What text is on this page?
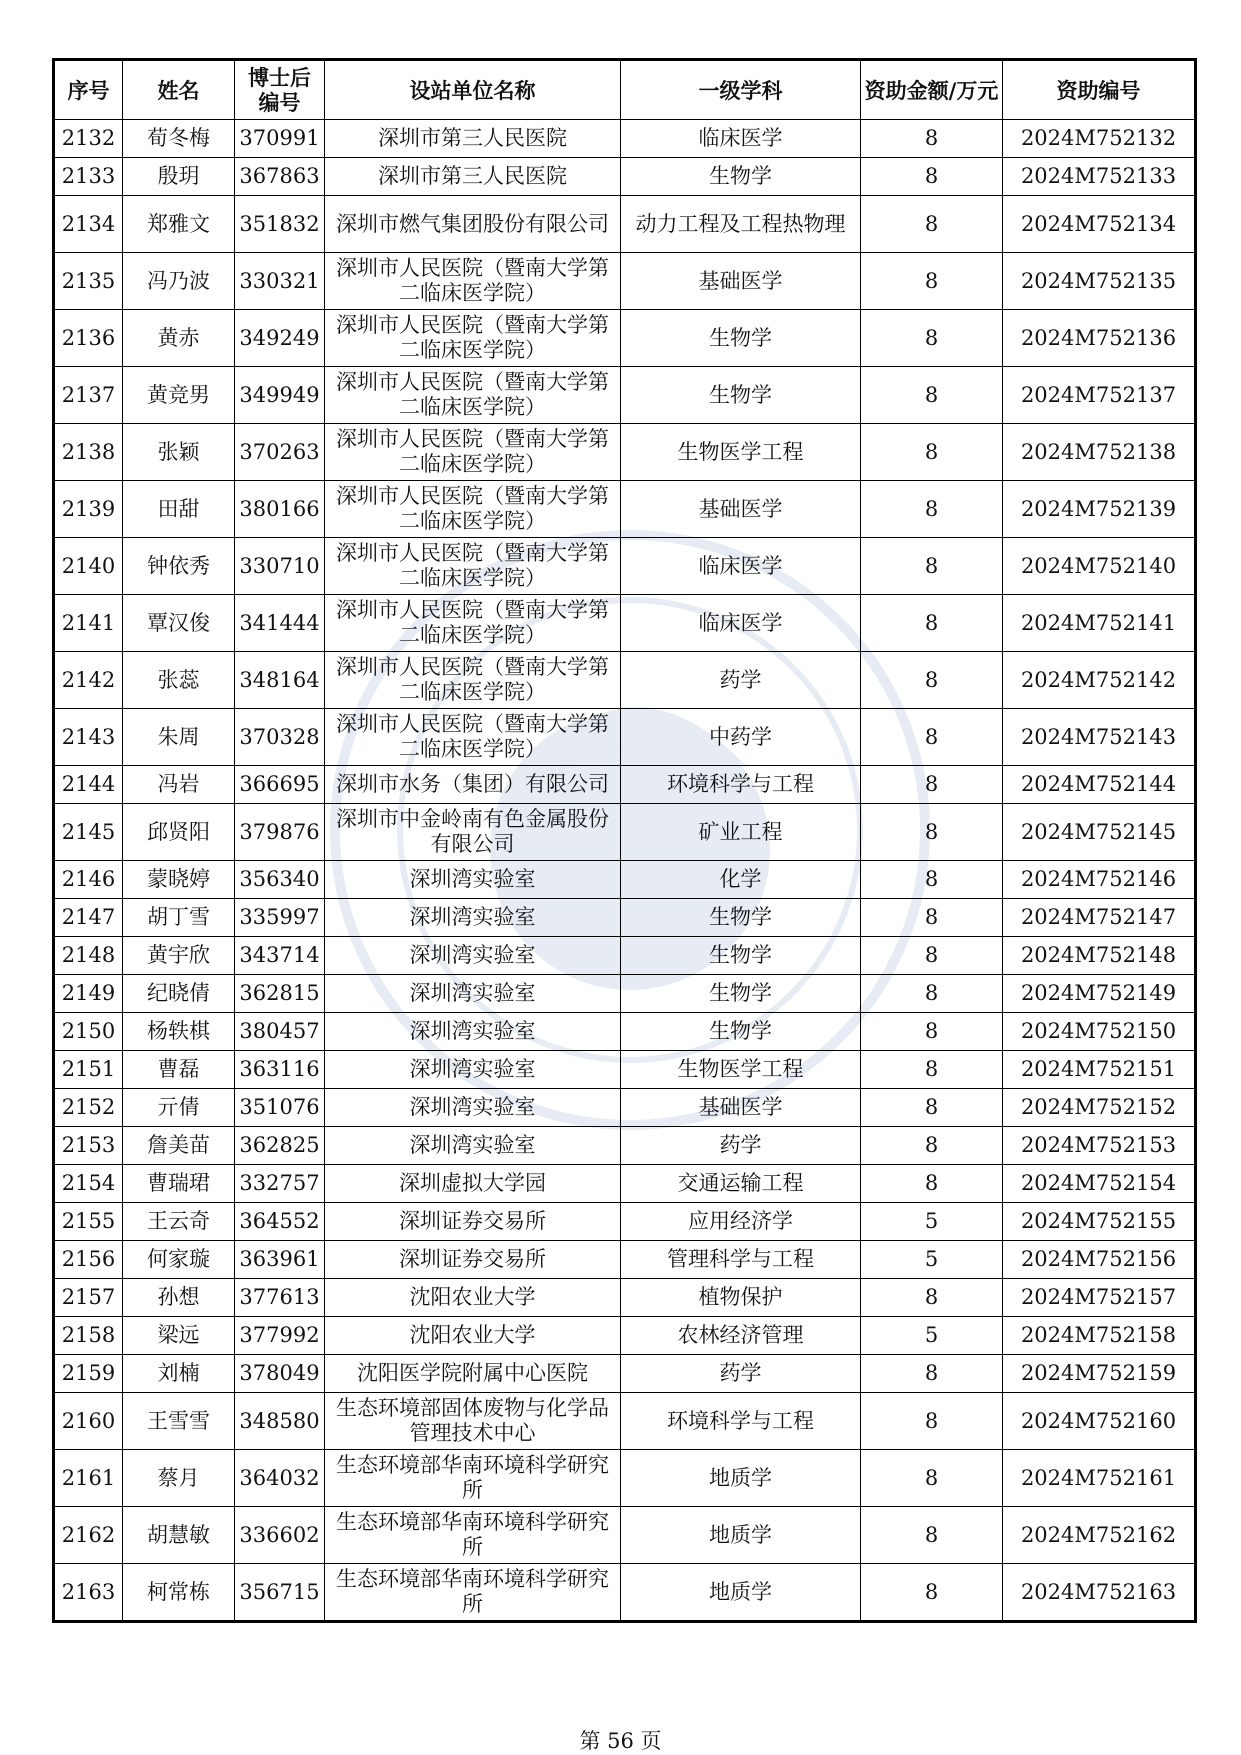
序号	姓名	博士后编号	设站单位名称	一级学科	资助金额/万元	资助编号
2132	荀冬梅	370991	深圳市第三人民医院	临床医学	8	2024M752132
2133	殷玥	367863	深圳市第三人民医院	生物学	8	2024M752133
2134	郑雅文	351832	深圳市燃气集团股份有限公司	动力工程及工程热物理	8	2024M752134
2135	冯乃波	330321	深圳市人民医院（暨南大学第二临床医学院）	基础医学	8	2024M752135
2136	黄赤	349249	深圳市人民医院（暨南大学第二临床医学院）	生物学	8	2024M752136
2137	黄竞男	349949	深圳市人民医院（暨南大学第二临床医学院）	生物学	8	2024M752137
2138	张颖	370263	深圳市人民医院（暨南大学第二临床医学院）	生物医学工程	8	2024M752138
2139	田甜	380166	深圳市人民医院（暨南大学第二临床医学院）	基础医学	8	2024M752139
2140	钟依秀	330710	深圳市人民医院（暨南大学第二临床医学院）	临床医学	8	2024M752140
2141	覃汉俊	341444	深圳市人民医院（暨南大学第二临床医学院）	临床医学	8	2024M752141
2142	张蕊	348164	深圳市人民医院（暨南大学第二临床医学院）	药学	8	2024M752142
2143	朱周	370328	深圳市人民医院（暨南大学第二临床医学院）	中药学	8	2024M752143
2144	冯岩	366695	深圳市水务（集团）有限公司	环境科学与工程	8	2024M752144
2145	邱贤阳	379876	深圳市中金岭南有色金属股份有限公司	矿业工程	8	2024M752145
2146	蒙晓婷	356340	深圳湾实验室	化学	8	2024M752146
2147	胡丁雪	335997	深圳湾实验室	生物学	8	2024M752147
2148	黄宇欣	343714	深圳湾实验室	生物学	8	2024M752148
2149	纪晓倩	362815	深圳湾实验室	生物学	8	2024M752149
2150	杨轶棋	380457	深圳湾实验室	生物学	8	2024M752150
2151	曹磊	363116	深圳湾实验室	生物医学工程	8	2024M752151
2152	亓倩	351076	深圳湾实验室	基础医学	8	2024M752152
2153	詹美苗	362825	深圳湾实验室	药学	8	2024M752153
2154	曹瑞珺	332757	深圳虚拟大学园	交通运输工程	8	2024M752154
2155	王云奇	364552	深圳证券交易所	应用经济学	5	2024M752155
2156	何家璇	363961	深圳证券交易所	管理科学与工程	5	2024M752156
2157	孙想	377613	沈阳农业大学	植物保护	8	2024M752157
2158	梁远	377992	沈阳农业大学	农林经济管理	5	2024M752158
2159	刘楠	378049	沈阳医学院附属中心医院	药学	8	2024M752159
2160	王雪雪	348580	生态环境部固体废物与化学品管理技术中心	环境科学与工程	8	2024M752160
2161	蔡月	364032	生态环境部华南环境科学研究所	地质学	8	2024M752161
2162	胡慧敏	336602	生态环境部华南环境科学研究所	地质学	8	2024M752162
2163	柯常栋	356715	生态环境部华南环境科学研究所	地质学	8	2024M752163
第 56 页
